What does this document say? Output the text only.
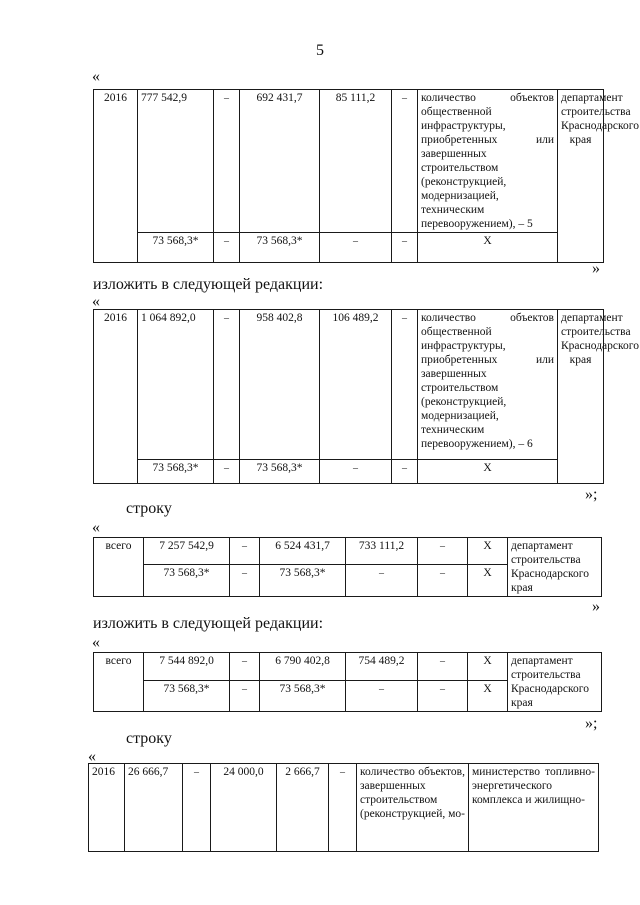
5
«
2016	777 542,9	–	692 431,7	85 111,2	–	количество объектов общественной инфраструктуры, приобретенных или завершенных строительством (реконструкцией, модернизацией, техническим перевооружением), – 5	департамент строительства Краснодарского края
	73 568,3*	–	73 568,3*	–	–	Х	
»
изложить в следующей редакции:
«
2016	1 064 892,0	–	958 402,8	106 489,2	–	количество объектов общественной инфраструктуры, приобретенных или завершенных строительством (реконструкцией, модернизацией, техническим перевооружением), – 6	департамент строительства Краснодарского края
	73 568,3*	–	73 568,3*	–	–	Х	
»;
строку
«
всего	7 257 542,9	–	6 524 431,7	733 111,2	–	Х	департамент строительства Краснодарского края
	73 568,3*	–	73 568,3*	–	–	Х	
»
изложить в следующей редакции:
«
всего	7 544 892,0	–	6 790 402,8	754 489,2	–	Х	департамент строительства Краснодарского края
	73 568,3*	–	73 568,3*	–	–	Х	
»;
строку
«
2016	26 666,7	–	24 000,0	2 666,7	–	количество объектов, завершенных строительством (реконструкцией, мо-	министерство топливно-энергетического комплекса и жилищно-
